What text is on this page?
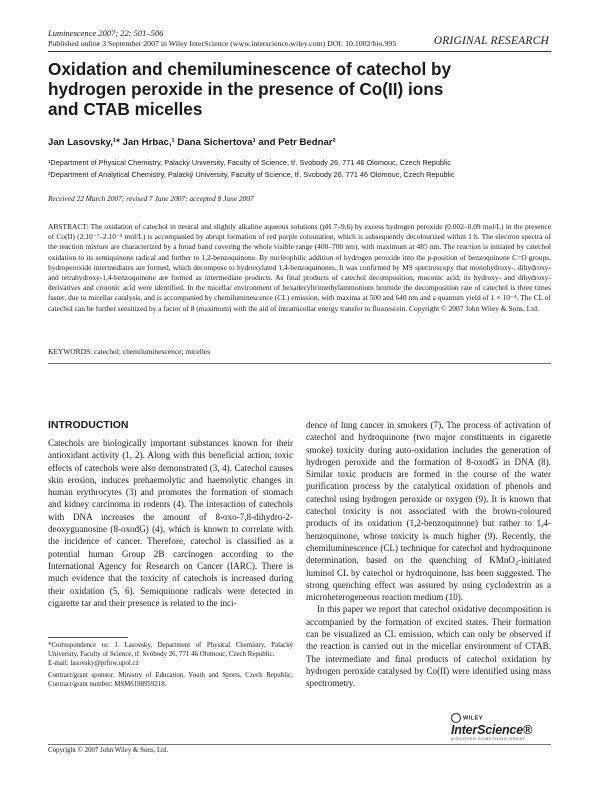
Luminescence 2007; 22: 501–506
Published online 3 September 2007 in Wiley InterScience (www.interscience.wiley.com) DOI: 10.1002/bio.995	ORIGINAL RESEARCH
Oxidation and chemiluminescence of catechol by
hydrogen peroxide in the presence of Co(II) ions
and CTAB micelles
Jan Lasovsky,¹* Jan Hrbac,¹ Dana Sichertova¹ and Petr Bednar²
¹Department of Physical Chemistry, Palacký University, Faculty of Science, tř. Svobody 26, 771 46 Olomouc, Czech Republic
²Department of Analytical Chemistry, Palacký University, Faculty of Science, tř. Svobody 26, 771 46 Olomouc, Czech Republic
Received 22 March 2007; revised 7 June 2007; accepted 8 June 2007
ABSTRACT: The oxidation of catechol in neutral and slightly alkaline aqueous solutions (pH 7–9.6) by excess hydrogen peroxide (0.002–0.09 mol/L) in the presence of Co(II) (2.10⁻⁷–2.10⁻⁵ mol/L) is accompanied by abrupt formation of red purple colouration, which is subsequently decolourized within 1 h. The electron spectra of the reaction mixture are characterized by a broad band covering the whole visible range (400–700 nm), with maximum at 485 nm. The reaction is initiated by catechol oxidation to its semiquinone radical and further to 1,2-benzoquinone. By nucleophilic addition of hydrogen peroxide into the p-position of benzoquinone C=O groups, hydroperoxide intermediates are formed, which decompose to hydroxylated 1,4-benzoquinones. It was confirmed by MS spectroscopy that monohydroxy-, dihydroxy- and tetrahydroxy-1,4-benzoquinone are formed as intermediate products. As final products of catechol decomposition, muconic acid, its hydroxy- and dihydroxy- derivatives and crotonic acid were identified. In the micellar environment of hexadecyltrimethylammonium bromide the decomposition rate of catechol is three times faster, due to micellar catalysis, and is accompanied by chemiluminescence (CL) emission, with maxima at 500 and 640 nm and a quantum yield of 1 × 10⁻⁴. The CL of catechol can be further sensitized by a factor of 8 (maximum) with the aid of intramicellar energy transfer to fluorescein. Copyright © 2007 John Wiley & Sons, Ltd.
KEYWORDS: catechol; chemiluminescence; micelles
INTRODUCTION

Catechols are biologically important substances known for their antioxidant activity (1, 2). Along with this beneficial action, toxic effects of catechols were also demonstrated (3, 4). Catechol causes skin erosion, induces prehaemolytic and haemolytic changes in human erythrocytes (3) and promotes the formation of stomach and kidney carcinoma in rodents (4). The interaction of catechols with DNA increases the amount of 8-oxo-7,8-dihydro-2-deoxyguanosine (8-oxodG) (4), which is known to correlate with the incidence of cancer. Therefore, catechol is classified as a potential human Group 2B carcinogen according to the International Agency for Research on Cancer (IARC). There is much evidence that the toxicity of catechols is increased during their oxidation (5, 6). Semiquinone radicals were detected in cigarette tar and their presence is related to the inci-

dence of lung cancer in smokers (7). The process of activation of catechol and hydroquinone (two major constituents in cigarette smoke) toxicity during auto-oxidation includes the generation of hydrogen peroxide and the formation of 8-oxodG in DNA (8). Similar toxic products are formed in the course of the water purification process by the catalytical oxidation of phenols and catechol using hydrogen peroxide or oxygen (9). It is known that catechol toxicity is not associated with the brown-coloured products of its oxidation (1,2-benzoquinone) but rather to 1,4-benzoquinone, whose toxicity is much higher (9). Recently, the chemiluminescence (CL) technique for catechol and hydroquinone determination, based on the quenching of KMnO₄-initiated luminol CL by catechol or hydroquinone, has been suggested. The strong quenching effect was assured by using cyclodextrin as a microheterogeneous reaction medium (10).

In this paper we report that catechol oxidative decomposition is accompanied by the formation of excited states. Their formation can be visualized as CL emission, which can only be observed if the reaction is carried out in the micellar environment of CTAB. The intermediate and final products of catechol oxidation by hydrogen peroxide catalysed by Co(II) were identified using mass spectrometry.

*Correspondence to: J. Lasovsky, Department of Physical Chemistry, Palacký University, Faculty of Science, tř. Svobody 26, 771 46 Olomouc, Czech Republic.

E-mail: lasovsky@prfnw.upol.cz

Contract/grant sponsor: Ministry of Education, Youth and Sports, Czech Republic; Contract/grant number: MSM6198959218.

Copyright © 2007 John Wiley & Sons, Ltd.
WILEY
InterScience®
DISCOVER SOMETHING GREAT
